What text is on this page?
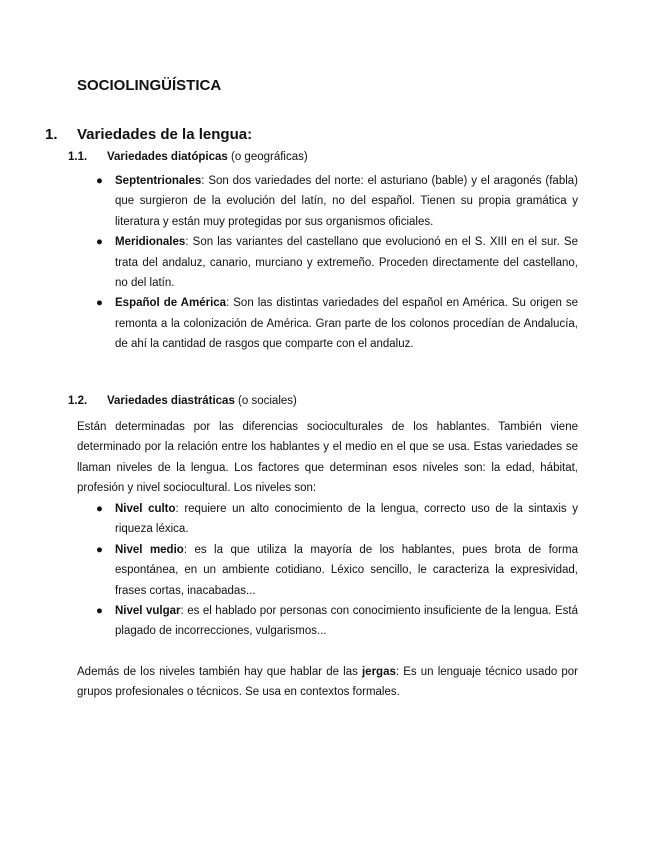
SOCIOLINGÜÍSTICA
1. Variedades de la lengua:
1.1. Variedades diatópicas (o geográficas)
● Septentrionales: Son dos variedades del norte: el asturiano (bable) y el aragonés (fabla) que surgieron de la evolución del latín, no del español. Tienen su propia gramática y literatura y están muy protegidas por sus organismos oficiales.
● Meridionales: Son las variantes del castellano que evolucionó en el S. XIII en el sur. Se trata del andaluz, canario, murciano y extremeño. Proceden directamente del castellano, no del latín.
● Español de América: Son las distintas variedades del español en América. Su origen se remonta a la colonización de América. Gran parte de los colonos procedían de Andalucía, de ahí la cantidad de rasgos que comparte con el andaluz.
1.2. Variedades diastráticas (o sociales)

Están determinadas por las diferencias socioculturales de los hablantes. También viene determinado por la relación entre los hablantes y el medio en el que se usa. Estas variedades se llaman niveles de la lengua. Los factores que determinan esos niveles son: la edad, hábitat, profesión y nivel sociocultural. Los niveles son:

● Nivel culto: requiere un alto conocimiento de la lengua, correcto uso de la sintaxis y riqueza léxica.
● Nivel medio: es la que utiliza la mayoría de los hablantes, pues brota de forma espontánea, en un ambiente cotidiano. Léxico sencillo, le caracteriza la expresividad, frases cortas, inacabadas...
● Nivel vulgar: es el hablado por personas con conocimiento insuficiente de la lengua. Está plagado de incorrecciones, vulgarismos...

Además de los niveles también hay que hablar de las jergas: Es un lenguaje técnico usado por grupos profesionales o técnicos. Se usa en contextos formales.
